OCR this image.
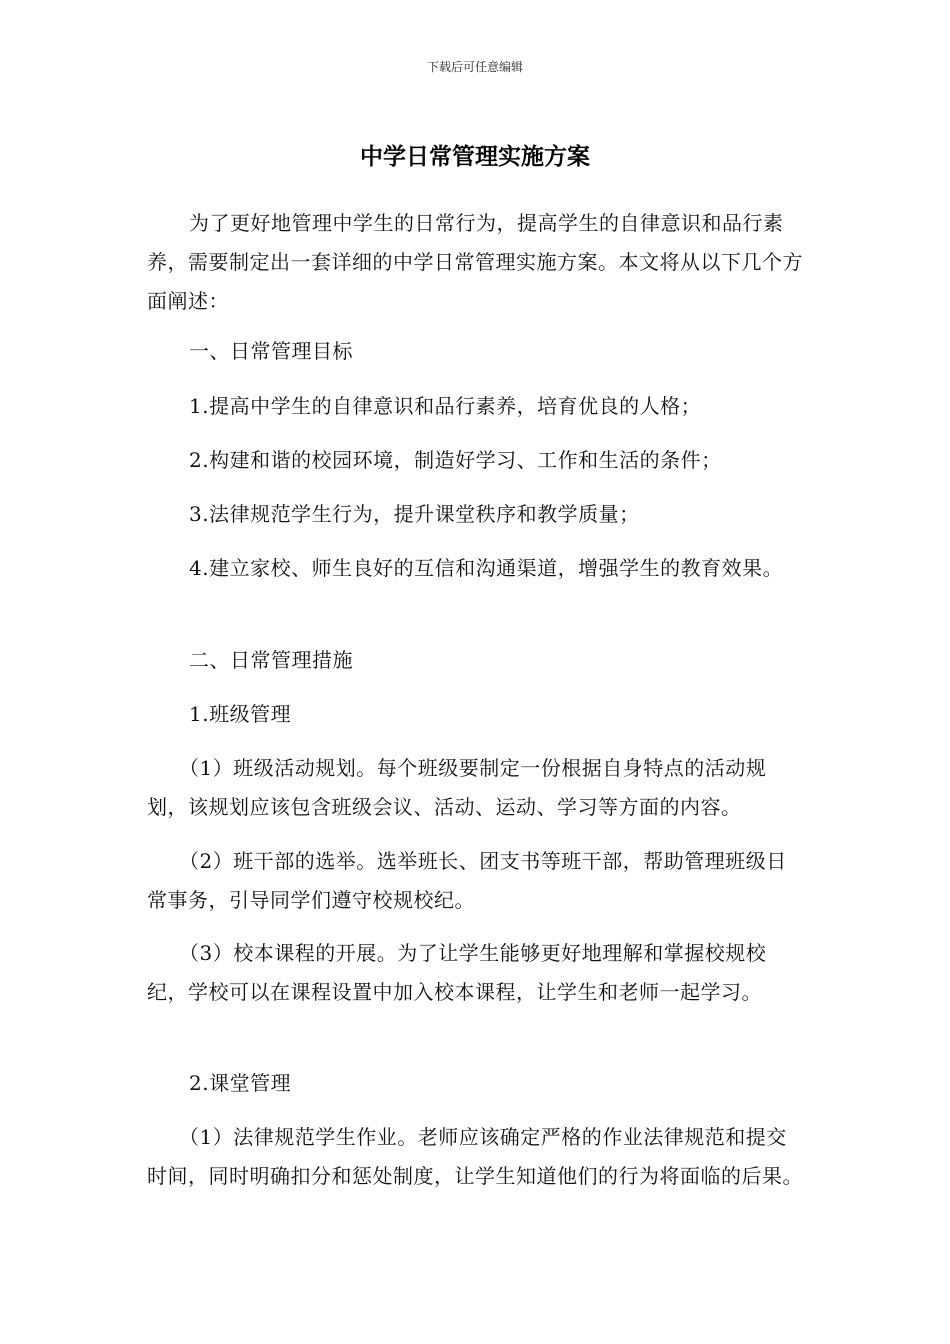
下载后可任意编辑
中学日常管理实施方案

为了更好地管理中学生的日常行为，提高学生的自律意识和品行素养，需要制定出一套详细的中学日常管理实施方案。本文将从以下几个方面阐述：

一、日常管理目标

1.提高中学生的自律意识和品行素养，培育优良的人格；

2.构建和谐的校园环境，制造好学习、工作和生活的条件；

3.法律规范学生行为，提升课堂秩序和教学质量；

4.建立家校、师生良好的互信和沟通渠道，增强学生的教育效果。

二、日常管理措施

1.班级管理

（1）班级活动规划。每个班级要制定一份根据自身特点的活动规划，该规划应该包含班级会议、活动、运动、学习等方面的内容。

（2）班干部的选举。选举班长、团支书等班干部，帮助管理班级日常事务，引导同学们遵守校规校纪。

（3）校本课程的开展。为了让学生能够更好地理解和掌握校规校纪，学校可以在课程设置中加入校本课程，让学生和老师一起学习。

2.课堂管理

（1）法律规范学生作业。老师应该确定严格的作业法律规范和提交时间，同时明确扣分和惩处制度，让学生知道他们的行为将面临的后果。
